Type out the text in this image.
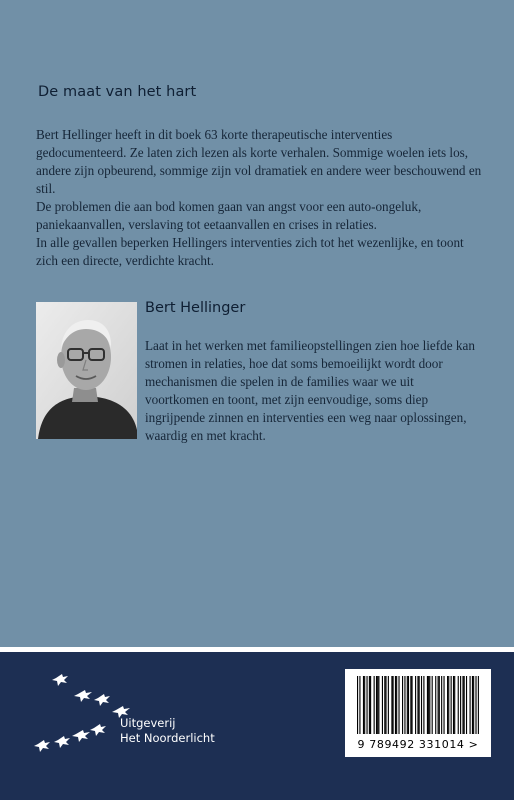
De maat van het hart

Bert Hellinger heeft in dit boek 63 korte therapeutische interventies gedocumenteerd. Ze laten zich lezen als korte verhalen. Sommige woelen iets los, andere zijn opbeurend, sommige zijn vol dramatiek en andere weer beschouwend en stil.

De problemen die aan bod komen gaan van angst voor een auto-ongeluk, paniekaanvallen, verslaving tot eetaanvallen en crises in relaties.

In alle gevallen beperken Hellingers interventies zich tot het wezenlijke, en toont zich een directe, verdichte kracht.

Bert Hellinger
Laat in het werken met familieopstellingen zien hoe liefde kan stromen in relaties, hoe dat soms bemoeilijkt wordt door mechanismen die spelen in de families waar we uit voortkomen en toont, met zijn eenvoudige, soms diep ingrijpende zinnen en interventies een weg naar oplossingen, waardig en met kracht.
Uitgeverij
Het Noorderlicht	9 789492 331014 >
